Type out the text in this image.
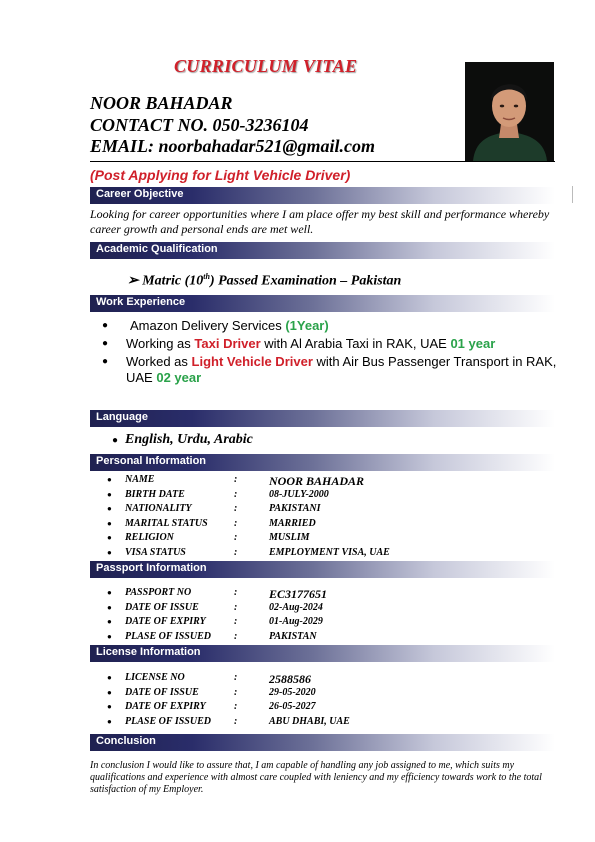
CURRICULUM VITAE
NOOR BAHADAR
CONTACT NO. 050-3236104
EMAIL: noorbahadar521@gmail.com
(Post Applying for Light Vehicle Driver)
Career Objective
Looking for career opportunities where I am place offer my best skill and performance whereby career growth and personal ends are met well.
Academic Qualification
➢ Matric (10th) Passed Examination – Pakistan
Work Experience
● Amazon Delivery Services (1Year)
● Working as Taxi Driver with Al Arabia Taxi in RAK, UAE 01 year
● Worked as Light Vehicle Driver with Air Bus Passenger Transport in RAK, UAE 02 year
Language
● English, Urdu, Arabic
Personal Information
● NAME	:	NOOR BAHADAR
● BIRTH DATE	:	08-JULY-2000
● NATIONALITY	:	PAKISTANI
● MARITAL STATUS	:	MARRIED
● RELIGION	:	MUSLIM
● VISA STATUS	:	EMPLOYMENT VISA, UAE
Passport Information
● PASSPORT NO	:	EC3177651
● DATE OF ISSUE	:	02-Aug-2024
● DATE OF EXPIRY	:	01-Aug-2029
● PLASE OF ISSUED :	PAKISTAN
License Information
● LICENSE NO	:	2588586
● DATE OF ISSUE	:	29-05-2020
● DATE OF EXPIRY	:	26-05-2027
● PLASE OF ISSUED :	ABU DHABI, UAE
Conclusion
In conclusion I would like to assure that, I am capable of handling any job assigned to me, which suits my qualifications and experience with almost care coupled with leniency and my efficiency towards work to the total satisfaction of my Employer.
